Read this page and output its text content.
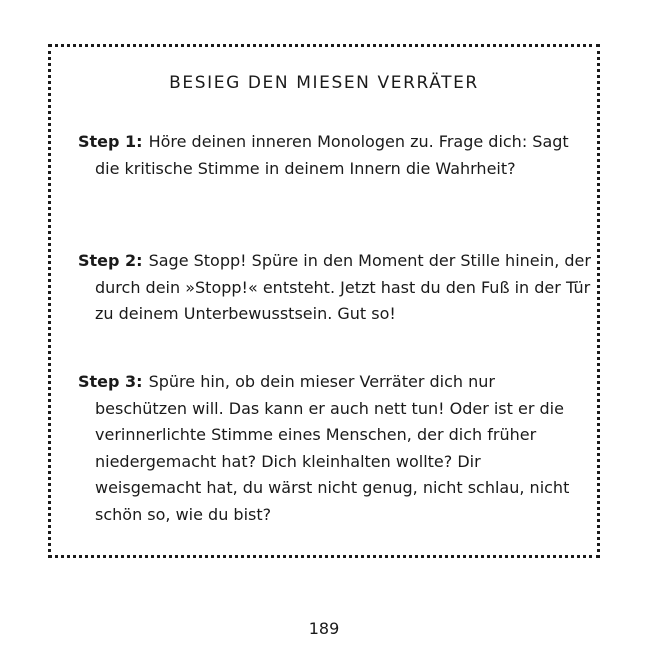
BESIEG DEN MIESEN VERRÄTER

Step 1: Höre deinen inneren Monologen zu. Frage dich: Sagt die kritische Stimme in deinem Innern die Wahrheit?

Step 2: Sage Stopp! Spüre in den Moment der Stille hinein, der durch dein »Stopp!« entsteht. Jetzt hast du den Fuß in der Tür zu deinem Unterbewusstsein. Gut so!

Step 3: Spüre hin, ob dein mieser Verräter dich nur beschützen will. Das kann er auch nett tun! Oder ist er die verinnerlichte Stimme eines Menschen, der dich früher niedergemacht hat? Dich kleinhalten wollte? Dir weisgemacht hat, du wärst nicht genug, nicht schlau, nicht schön so, wie du bist?

189
